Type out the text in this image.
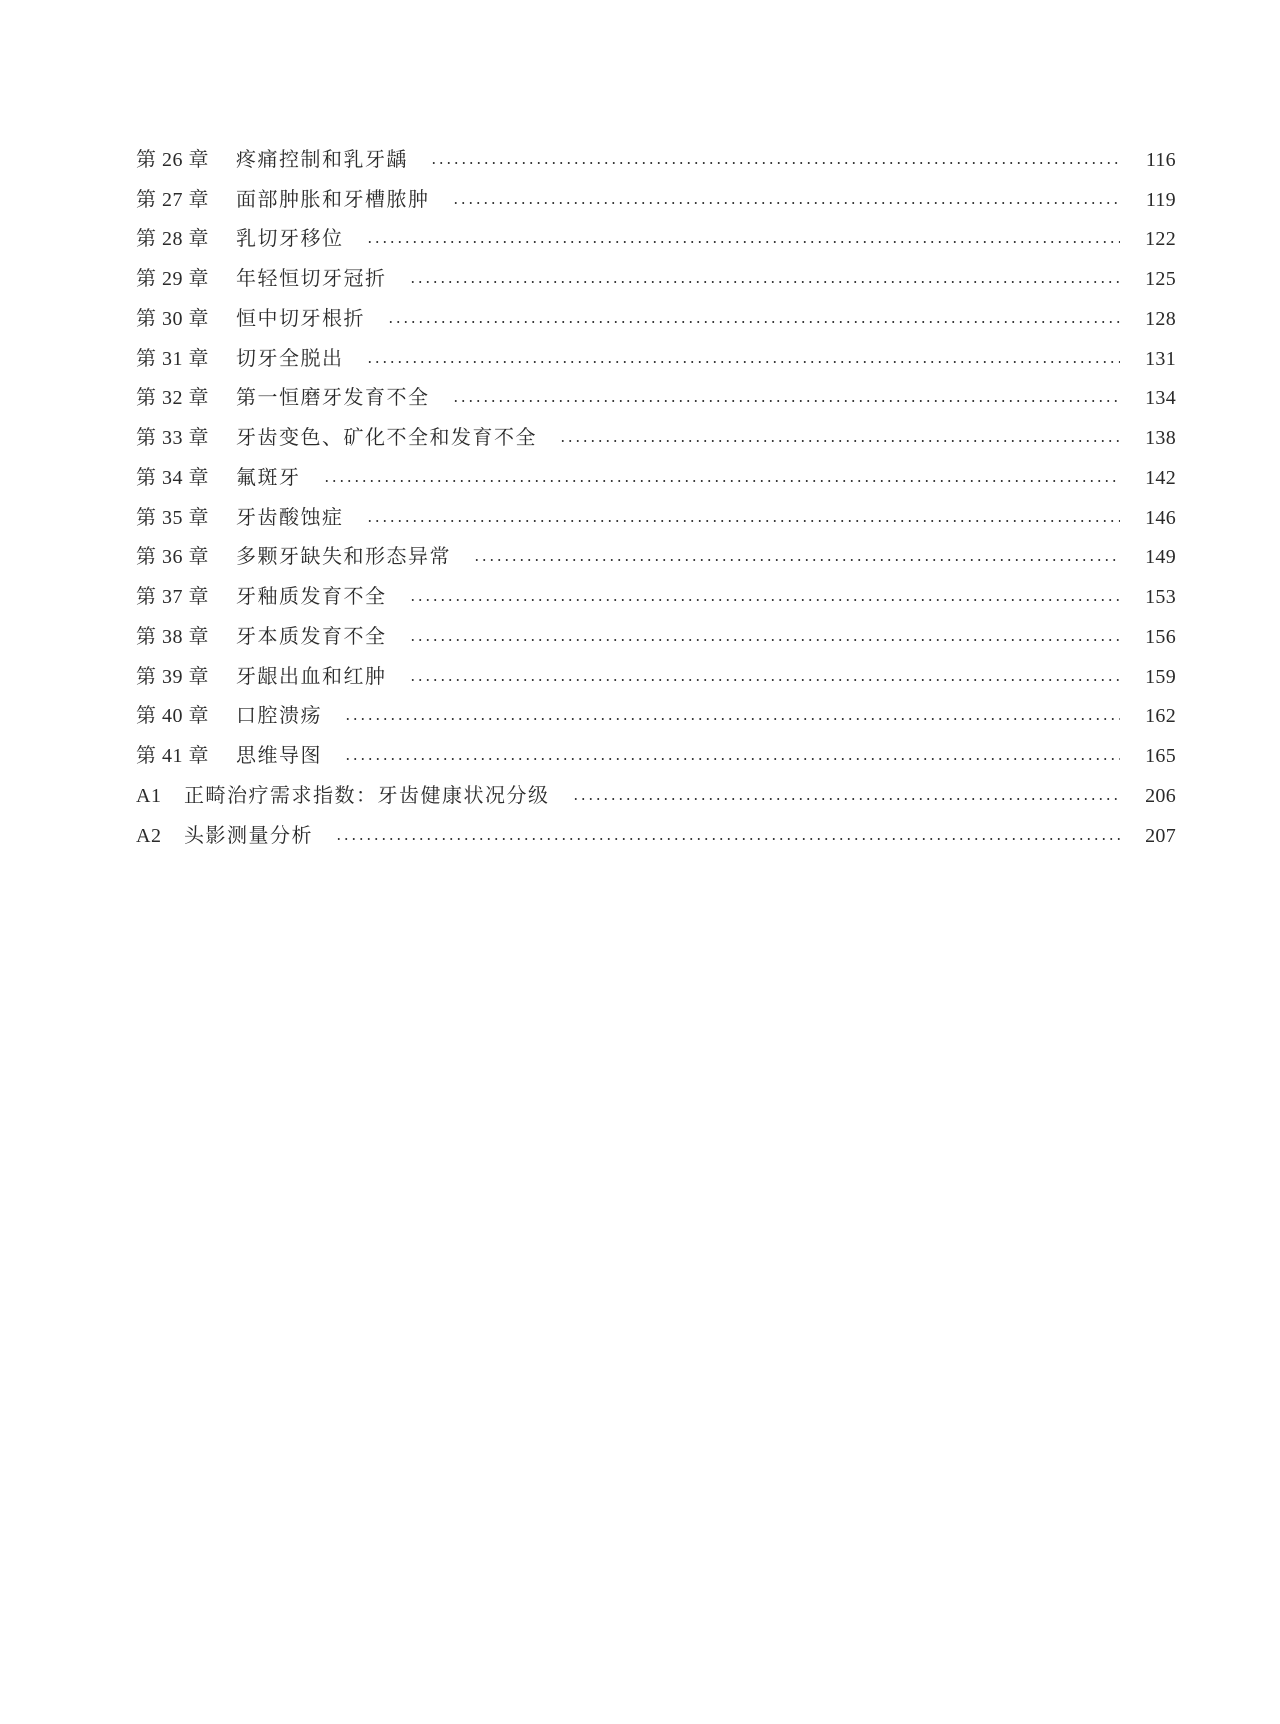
第 26 章	疼痛控制和乳牙龋	116
第 27 章	面部肿胀和牙槽脓肿	119
第 28 章	乳切牙移位	122
第 29 章	年轻恒切牙冠折	125
第 30 章	恒中切牙根折	128
第 31 章	切牙全脱出	131
第 32 章	第一恒磨牙发育不全	134
第 33 章	牙齿变色、矿化不全和发育不全	138
第 34 章	氟斑牙	142
第 35 章	牙齿酸蚀症	146
第 36 章	多颗牙缺失和形态异常	149
第 37 章	牙釉质发育不全	153
第 38 章	牙本质发育不全	156
第 39 章	牙龈出血和红肿	159
第 40 章	口腔溃疡	162
第 41 章	思维导图	165
A1	正畸治疗需求指数：牙齿健康状况分级	206
A2	头影测量分析	207
